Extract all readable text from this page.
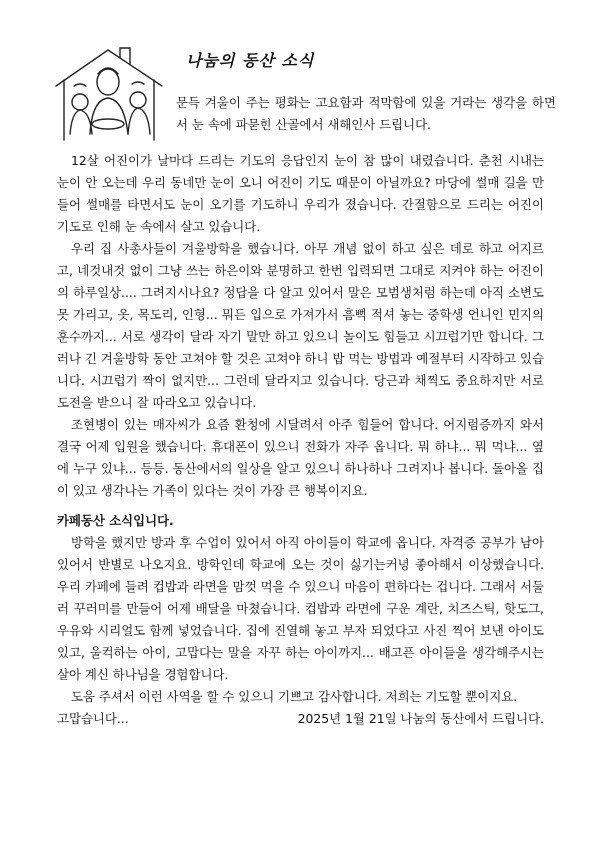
나눔의 동산 소식

문득 겨울이 주는 평화는 고요함과 적막함에 있을 거라는 생각을 하면서 눈 속에 파묻힌 산골에서 새해인사 드립니다.

12살 어진이가 날마다 드리는 기도의 응답인지 눈이 참 많이 내렸습니다. 춘천 시내는 눈이 안 오는데 우리 동네만 눈이 오니 어진이 기도 때문이 아닐까요? 마당에 썰매 길을 만들어 썰매를 타면서도 눈이 오기를 기도하니 우리가 졌습니다. 간절함으로 드리는 어진이 기도로 인해 눈 속에서 살고 있습니다.

우리 집 사총사들이 겨울방학을 했습니다. 아무 개념 없이 하고 싶은 데로 하고 어지르고, 네것내것 없이 그냥 쓰는 하은이와 분명하고 한번 입력되면 그대로 지켜야 하는 어진이의 하루일상.... 그려지시나요? 정답을 다 알고 있어서 말은 모범생처럼 하는데 아직 소변도 못 가리고, 옷, 목도리, 인형... 뭐든 입으로 가져가서 흠뻑 적셔 놓는 중학생 언니인 민지의 훈수까지... 서로 생각이 달라 자기 말만 하고 있으니 놀이도 힘들고 시끄럽기만 합니다. 그러나 긴 겨울방학 동안 고쳐야 할 것은 고쳐야 하니 밥 먹는 방법과 예절부터 시작하고 있습니다. 시끄럽기 짝이 없지만... 그런데 달라지고 있습니다. 당근과 채찍도 중요하지만 서로 도전을 받으니 잘 따라오고 있습니다.

조현병이 있는 매자씨가 요즘 환청에 시달려서 아주 힘들어 합니다. 어지럼증까지 와서 결국 어제 입원을 했습니다. 휴대폰이 있으니 전화가 자주 옵니다. 뭐 하냐... 뭐 먹냐... 옆에 누구 있냐... 등등. 동산에서의 일상을 알고 있으니 하나하나 그려지나 봅니다. 돌아올 집이 있고 생각나는 가족이 있다는 것이 가장 큰 행복이지요.

카페동산 소식입니다.

방학을 했지만 방과 후 수업이 있어서 아직 아이들이 학교에 옵니다. 자격증 공부가 남아 있어서 반별로 나오지요. 방학인데 학교에 오는 것이 싫기는커녕 좋아해서 이상했습니다. 우리 카페에 들려 컵밥과 라면을 맘껏 먹을 수 있으니 마음이 편하다는 겁니다. 그래서 서둘러 꾸러미를 만들어 어제 배달을 마쳤습니다. 컵밥과 라면에 구운 계란, 치즈스틱, 핫도그, 우유와 시리얼도 함께 넣었습니다. 집에 진열해 놓고 부자 되었다고 사진 찍어 보낸 아이도 있고, 울컥하는 아이, 고맙다는 말을 자꾸 하는 아이까지... 배고픈 아이들을 생각해주시는 살아 계신 하나님을 경험합니다.

도움 주셔서 이런 사역을 할 수 있으니 기쁘고 감사합니다. 저희는 기도할 뿐이지요.

고맙습니다...	2025년 1월 21일 나눔의 동산에서 드립니다.
